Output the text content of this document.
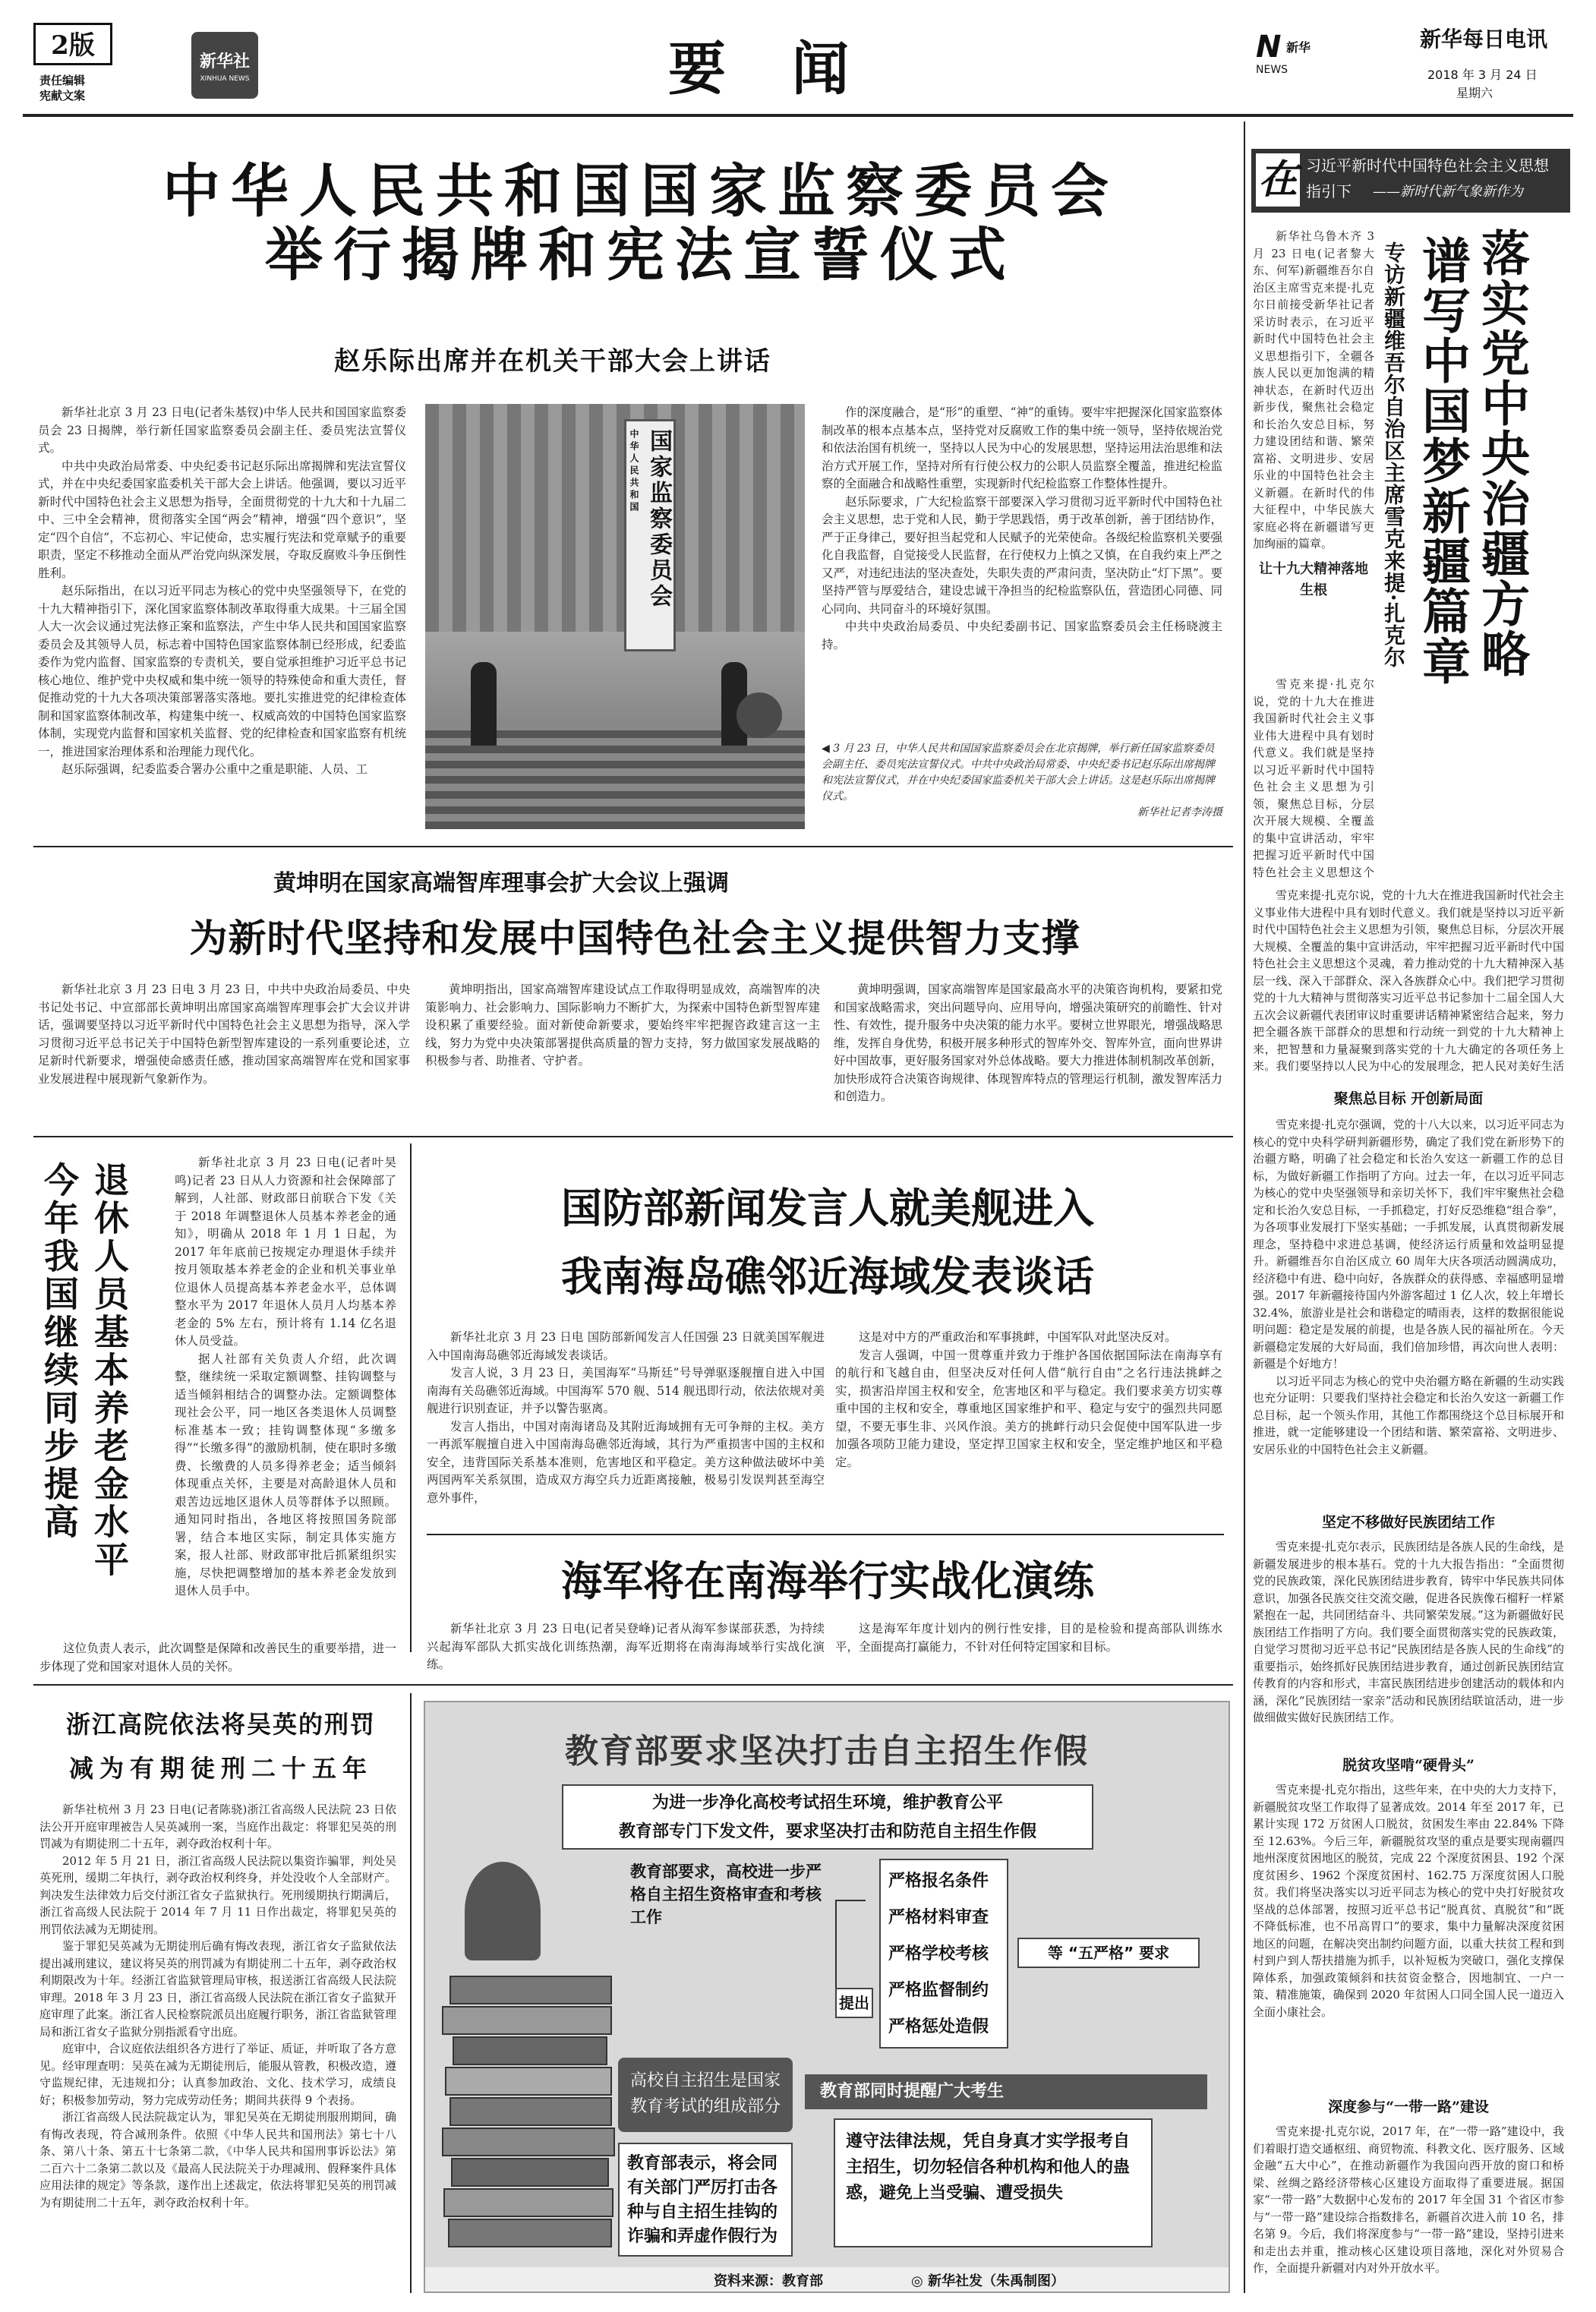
2版
责任编辑
宪献文案
新华社
XINHUA NEWS	要 闻	N
NEWS
新华	新华每日电讯
2018 年 3 月 24 日
星期六
中华人民共和国国家监察委员会
举行揭牌和宪法宣誓仪式
赵乐际出席并在机关干部大会上讲话

新华社北京 3 月 23 日电(记者朱基钗)中华人民共和国国家监察委员会 23 日揭牌，举行新任国家监察委员会副主任、委员宪法宣誓仪式。

中共中央政治局常委、中央纪委书记赵乐际出席揭牌和宪法宣誓仪式，并在中央纪委国家监委机关干部大会上讲话。他强调，要以习近平新时代中国特色社会主义思想为指导，全面贯彻党的十九大和十九届二中、三中全会精神，贯彻落实全国“两会”精神，增强“四个意识”，坚定“四个自信”，不忘初心、牢记使命，忠实履行宪法和党章赋予的重要职责，坚定不移推动全面从严治党向纵深发展，夺取反腐败斗争压倒性胜利。

赵乐际指出，在以习近平同志为核心的党中央坚强领导下，在党的十九大精神指引下，深化国家监察体制改革取得重大成果。十三届全国人大一次会议通过宪法修正案和监察法，产生中华人民共和国国家监察委员会及其领导人员，标志着中国特色国家监察体制已经形成，纪委监委作为党内监督、国家监察的专责机关，要自觉承担维护习近平总书记核心地位、维护党中央权威和集中统一领导的特殊使命和重大责任，督促推动党的十九大各项决策部署落实落地。要扎实推进党的纪律检查体制和国家监察体制改革，构建集中统一、权威高效的中国特色国家监察体制，实现党内监督和国家机关监督、党的纪律检查和国家监察有机统一，推进国家治理体系和治理能力现代化。

赵乐际强调，纪委监委合署办公重中之重是职能、人员、工

中华人民共和国 国家监察委员会

作的深度融合，是“形”的重塑、“神”的重铸。要牢牢把握深化国家监察体制改革的根本点基本点，坚持党对反腐败工作的集中统一领导，坚持依规治党和依法治国有机统一，坚持以人民为中心的发展思想，坚持运用法治思维和法治方式开展工作，坚持对所有行使公权力的公职人员监察全覆盖，推进纪检监察的全面融合和战略性重塑，实现新时代纪检监察工作整体性提升。

赵乐际要求，广大纪检监察干部要深入学习贯彻习近平新时代中国特色社会主义思想，忠于党和人民，勤于学思践悟，勇于改革创新，善于团结协作，严于正身律己，要好担当起党和人民赋予的光荣使命。各级纪检监察机关要强化自我监督，自觉接受人民监督，在行使权力上慎之又慎，在自我约束上严之又严，对违纪违法的坚决查处，失职失责的严肃问责，坚决防止“灯下黑”。要坚持严管与厚爱结合，建设忠诚干净担当的纪检监察队伍，营造团心同德、同心同向、共同奋斗的环境好氛围。

中共中央政治局委员、中央纪委副书记、国家监察委员会主任杨晓渡主持。

◀ 3 月 23 日，中华人民共和国国家监察委员会在北京揭牌，举行新任国家监察委员会副主任、委员宪法宣誓仪式。中共中央政治局常委、中央纪委书记赵乐际出席揭牌和宪法宣誓仪式，并在中央纪委国家监委机关干部大会上讲话。这是赵乐际出席揭牌仪式。
新华社记者李涛摄
黄坤明在国家高端智库理事会扩大会议上强调
为新时代坚持和发展中国特色社会主义提供智力支撑

新华社北京 3 月 23 日电 3 月 23 日，中共中央政治局委员、中央书记处书记、中宣部部长黄坤明出席国家高端智库理事会扩大会议并讲话，强调要坚持以习近平新时代中国特色社会主义思想为指导，深入学习贯彻习近平总书记关于中国特色新型智库建设的一系列重要论述，立足新时代新要求，增强使命感责任感，推动国家高端智库在党和国家事业发展进程中展现新气象新作为。

黄坤明指出，国家高端智库建设试点工作取得明显成效，高端智库的决策影响力、社会影响力、国际影响力不断扩大，为探索中国特色新型智库建设积累了重要经验。面对新使命新要求，要始终牢牢把握咨政建言这一主线，努力为党中央决策部署提供高质量的智力支持，努力做国家发展战略的积极参与者、助推者、守护者。

黄坤明强调，国家高端智库是国家最高水平的决策咨询机构，要紧扣党和国家战略需求，突出问题导向、应用导向，增强决策研究的前瞻性、针对性、有效性，提升服务中央决策的能力水平。要树立世界眼光，增强战略思维，发挥自身优势，积极开展多种形式的智库外交、智库外宣，面向世界讲好中国故事，更好服务国家对外总体战略。要大力推进体制机制改革创新，加快形成符合决策咨询规律、体现智库特点的管理运行机制，激发智库活力和创造力。

今年我国继续同步提高 退休人员基本养老金水平	新华社北京 3 月 23 日电(记者叶昊鸣)记者 23 日从人力资源和社会保障部了解到，人社部、财政部日前联合下发《关于 2018 年调整退休人员基本养老金的通知》，明确从 2018 年 1 月 1 日起，为 2017 年年底前已按规定办理退休手续并按月领取基本养老金的企业和机关事业单位退休人员提高基本养老金水平，总体调整水平为 2017 年退休人员月人均基本养老金的 5% 左右，预计将有 1.14 亿名退休人员受益。

据人社部有关负责人介绍，此次调整，继续统一采取定额调整、挂钩调整与适当倾斜相结合的调整办法。定额调整体现社会公平，同一地区各类退休人员调整标准基本一致；挂钩调整体现“多缴多得”“长缴多得”的激励机制，使在职时多缴费、长缴费的人员多得养老金；适当倾斜体现重点关怀，主要是对高龄退休人员和艰苦边远地区退休人员等群体予以照顾。通知同时指出，各地区将按照国务院部署，结合本地区实际，制定具体实施方案，报人社部、财政部审批后抓紧组织实施，尽快把调整增加的基本养老金发放到退休人员手中。

这位负责人表示，此次调整是保障和改善民生的重要举措，进一步体现了党和国家对退休人员的关怀。

国防部新闻发言人就美舰进入
我南海岛礁邻近海域发表谈话

新华社北京 3 月 23 日电 国防部新闻发言人任国强 23 日就美国军舰进入中国南海岛礁邻近海域发表谈话。

发言人说，3 月 23 日，美国海军“马斯廷”号导弹驱逐舰擅自进入中国南海有关岛礁邻近海域。中国海军 570 舰、514 舰迅即行动，依法依规对美舰进行识别查证，并予以警告驱离。

发言人指出，中国对南海诸岛及其附近海域拥有无可争辩的主权。美方一再派军舰擅自进入中国南海岛礁邻近海域，其行为严重损害中国的主权和安全，违背国际关系基本准则，危害地区和平稳定。美方这种做法破坏中美两国两军关系氛围，造成双方海空兵力近距离接触，极易引发误判甚至海空意外事件，

这是对中方的严重政治和军事挑衅，中国军队对此坚决反对。

发言人强调，中国一贯尊重并致力于维护各国依据国际法在南海享有的航行和飞越自由，但坚决反对任何人借“航行自由”之名行违法挑衅之实，损害沿岸国主权和安全，危害地区和平与稳定。我们要求美方切实尊重中国的主权和安全，尊重地区国家维护和平、稳定与安宁的强烈共同愿望，不要无事生非、兴风作浪。美方的挑衅行动只会促使中国军队进一步加强各项防卫能力建设，坚定捍卫国家主权和安全，坚定维护地区和平稳定。

海军将在南海举行实战化演练

新华社北京 3 月 23 日电(记者吴登峰)记者从海军参谋部获悉，为持续兴起海军部队大抓实战化训练热潮，海军近期将在南海海域举行实战化演练。

这是海军年度计划内的例行性安排，目的是检验和提高部队训练水平，全面提高打赢能力，不针对任何特定国家和目标。

浙江高院依法将吴英的刑罚
减为有期徒刑二十五年

新华社杭州 3 月 23 日电(记者陈骁)浙江省高级人民法院 23 日依法公开开庭审理被告人吴英减刑一案，当庭作出裁定：将罪犯吴英的刑罚减为有期徒刑二十五年，剥夺政治权利十年。

2012 年 5 月 21 日，浙江省高级人民法院以集资诈骗罪，判处吴英死刑，缓期二年执行，剥夺政治权利终身，并处没收个人全部财产。判决发生法律效力后交付浙江省女子监狱执行。死刑缓期执行期满后，浙江省高级人民法院于 2014 年 7 月 11 日作出裁定，将罪犯吴英的刑罚依法减为无期徒刑。

鉴于罪犯吴英减为无期徒刑后确有悔改表现，浙江省女子监狱依法提出减刑建议，建议将吴英的刑罚减为有期徒刑二十五年，剥夺政治权利期限改为十年。经浙江省监狱管理局审核，报送浙江省高级人民法院审理。2018 年 3 月 23 日，浙江省高级人民法院在浙江省女子监狱开庭审理了此案。浙江省人民检察院派员出庭履行职务，浙江省监狱管理局和浙江省女子监狱分别指派看守出庭。

庭审中，合议庭依法组织各方进行了举证、质证，并听取了各方意见。经审理查明：吴英在减为无期徒刑后，能服从管教，积极改造，遵守监规纪律，无违规扣分；认真参加政治、文化、技术学习，成绩良好；积极参加劳动，努力完成劳动任务；期间共获得 9 个表扬。

浙江省高级人民法院裁定认为，罪犯吴英在无期徒刑服刑期间，确有悔改表现，符合减刑条件。依照《中华人民共和国刑法》第七十八条、第八十条、第五十七条第二款，《中华人民共和国刑事诉讼法》第二百六十二条第二款以及《最高人民法院关于办理减刑、假释案件具体应用法律的规定》等条款，遂作出上述裁定，依法将罪犯吴英的刑罚减为有期徒刑二十五年，剥夺政治权利十年。

教育部要求坚决打击自主招生作假
为进一步净化高校考试招生环境，维护教育公平
教育部专门下发文件，要求坚决打击和防范自主招生作假
教育部要求，高校进一步严格自主招生资格审查和考核工作
提出
严格报名条件
严格材料审查
严格学校考核
严格监督制约
严格惩处造假
等 “五严格” 要求
高校自主招生是国家教育考试的组成部分
教育部表示，将会同有关部门严厉打击各种与自主招生挂钩的诈骗和弄虚作假行为
教育部同时提醒广大考生
遵守法律法规，凭自身真才实学报考自主招生，切勿轻信各种机构和他人的蛊惑，避免上当受骗、遭受损失
资料来源：教育部	◎ 新华社发（朱禹制图）
在 习近平新时代中国特色社会主义思想
指引下 ——新时代新气象新作为
落实党中央治疆方略
谱写中国梦新疆篇章
专访新疆维吾尔自治区主席雪克来提·扎克尔

新华社乌鲁木齐 3 月 23 日电(记者黎大东、何军)新疆维吾尔自治区主席雪克来提·扎克尔日前接受新华社记者采访时表示，在习近平新时代中国特色社会主义思想指引下，全疆各族人民以更加饱满的精神状态，在新时代迈出新步伐，聚焦社会稳定和长治久安总目标，努力建设团结和谐、繁荣富裕、文明进步、安居乐业的中国特色社会主义新疆。在新时代的伟大征程中，中华民族大家庭必将在新疆谱写更加绚丽的篇章。

让十九大精神落地生根

雪克来提·扎克尔说，党的十九大在推进我国新时代社会主义事业伟大进程中具有划时代意义。我们就是坚持以习近平新时代中国特色社会主义思想为引领，聚焦总目标，分层次开展大规模、全覆盖的集中宣讲活动，牢牢把握习近平新时代中国特色社会主义思想这个

雪克来提·扎克尔说，党的十九大在推进我国新时代社会主义事业伟大进程中具有划时代意义。我们就是坚持以习近平新时代中国特色社会主义思想为引领，聚焦总目标，分层次开展大规模、全覆盖的集中宣讲活动，牢牢把握习近平新时代中国特色社会主义思想这个灵魂，着力推动党的十九大精神深入基层一线、深入干部群众、深入各族群众心中。我们把学习贯彻党的十九大精神与贯彻落实习近平总书记参加十二届全国人大五次会议新疆代表团审议时重要讲话精神紧密结合起来，努力把全疆各族干部群众的思想和行动统一到党的十九大精神上来，把智慧和力量凝聚到落实党的十九大确定的各项任务上来。我们要坚持以人民为中心的发展理念，把人民对美好生活

聚焦总目标 开创新局面

雪克来提·扎克尔强调，党的十八大以来，以习近平同志为核心的党中央科学研判新疆形势，确定了我们党在新形势下的治疆方略，明确了社会稳定和长治久安这一新疆工作的总目标，为做好新疆工作指明了方向。过去一年，在以习近平同志为核心的党中央坚强领导和亲切关怀下，我们牢牢聚焦社会稳定和长治久安总目标，一手抓稳定，打好反恐维稳“组合拳”，为各项事业发展打下坚实基础；一手抓发展，认真贯彻新发展理念，坚持稳中求进总基调，使经济运行质量和效益明显提升。新疆维吾尔自治区成立 60 周年大庆各项活动圆满成功，经济稳中有进、稳中向好，各族群众的获得感、幸福感明显增强。2017 年新疆接待国内外游客超过 1 亿人次，较上年增长 32.4%，旅游业是社会和谐稳定的晴雨表，这样的数据很能说明问题：稳定是发展的前提，也是各族人民的福祉所在。今天新疆稳定发展的大好局面，我们倍加珍惜，再次向世人表明：新疆是个好地方！

以习近平同志为核心的党中央治疆方略在新疆的生动实践也充分证明：只要我们坚持社会稳定和长治久安这一新疆工作总目标，起一个领头作用，其他工作都围绕这个总目标展开和推进，就一定能够建设一个团结和谐、繁荣富裕、文明进步、安居乐业的中国特色社会主义新疆。

坚定不移做好民族团结工作

雪克来提·扎克尔表示，民族团结是各族人民的生命线，是新疆发展进步的根本基石。党的十九大报告指出：“全面贯彻党的民族政策，深化民族团结进步教育，铸牢中华民族共同体意识，加强各民族交往交流交融，促进各民族像石榴籽一样紧紧抱在一起，共同团结奋斗、共同繁荣发展。”这为新疆做好民族团结工作指明了方向。我们要全面贯彻落实党的民族政策，自觉学习贯彻习近平总书记“民族团结是各族人民的生命线”的重要指示，始终抓好民族团结进步教育，通过创新民族团结宣传教育的内容和形式，丰富民族团结进步创建活动的载体和内涵，深化“民族团结一家亲”活动和民族团结联谊活动，进一步做细做实做好民族团结工作。

脱贫攻坚啃“硬骨头”

雪克来提·扎克尔指出，这些年来，在中央的大力支持下，新疆脱贫攻坚工作取得了显著成效。2014 年至 2017 年，已累计实现 172 万贫困人口脱贫，贫困发生率由 22.84% 下降至 12.63%。今后三年，新疆脱贫攻坚的重点是要实现南疆四地州深度贫困地区的脱贫，完成 22 个深度贫困县、192 个深度贫困乡、1962 个深度贫困村、162.75 万深度贫困人口脱贫。我们将坚决落实以习近平同志为核心的党中央打好脱贫攻坚战的总体部署，按照习近平总书记“脱真贫、真脱贫”和“既不降低标准，也不吊高胃口”的要求，集中力量解决深度贫困地区的问题，在解决突出制约问题方面，以重大扶贫工程和到村到户到人帮扶措施为抓手，以补短板为突破口，强化支撑保障体系，加强政策倾斜和扶贫资金整合，因地制宜、一户一策、精准施策，确保到 2020 年贫困人口同全国人民一道迈入全面小康社会。

深度参与“一带一路”建设

雪克来提·扎克尔说，2017 年，在“一带一路”建设中，我们着眼打造交通枢纽、商贸物流、科教文化、医疗服务、区域金融“五大中心”，在推动新疆作为我国向西开放的窗口和桥梁、丝绸之路经济带核心区建设方面取得了重要进展。据国家“一带一路”大数据中心发布的 2017 年全国 31 个省区市参与“一带一路”建设综合指数排名，新疆首次进入前 10 名，排名第 9。今后，我们将深度参与“一带一路”建设，坚持引进来和走出去并重，推动核心区建设项目落地，深化对外贸易合作，全面提升新疆对内对外开放水平。
